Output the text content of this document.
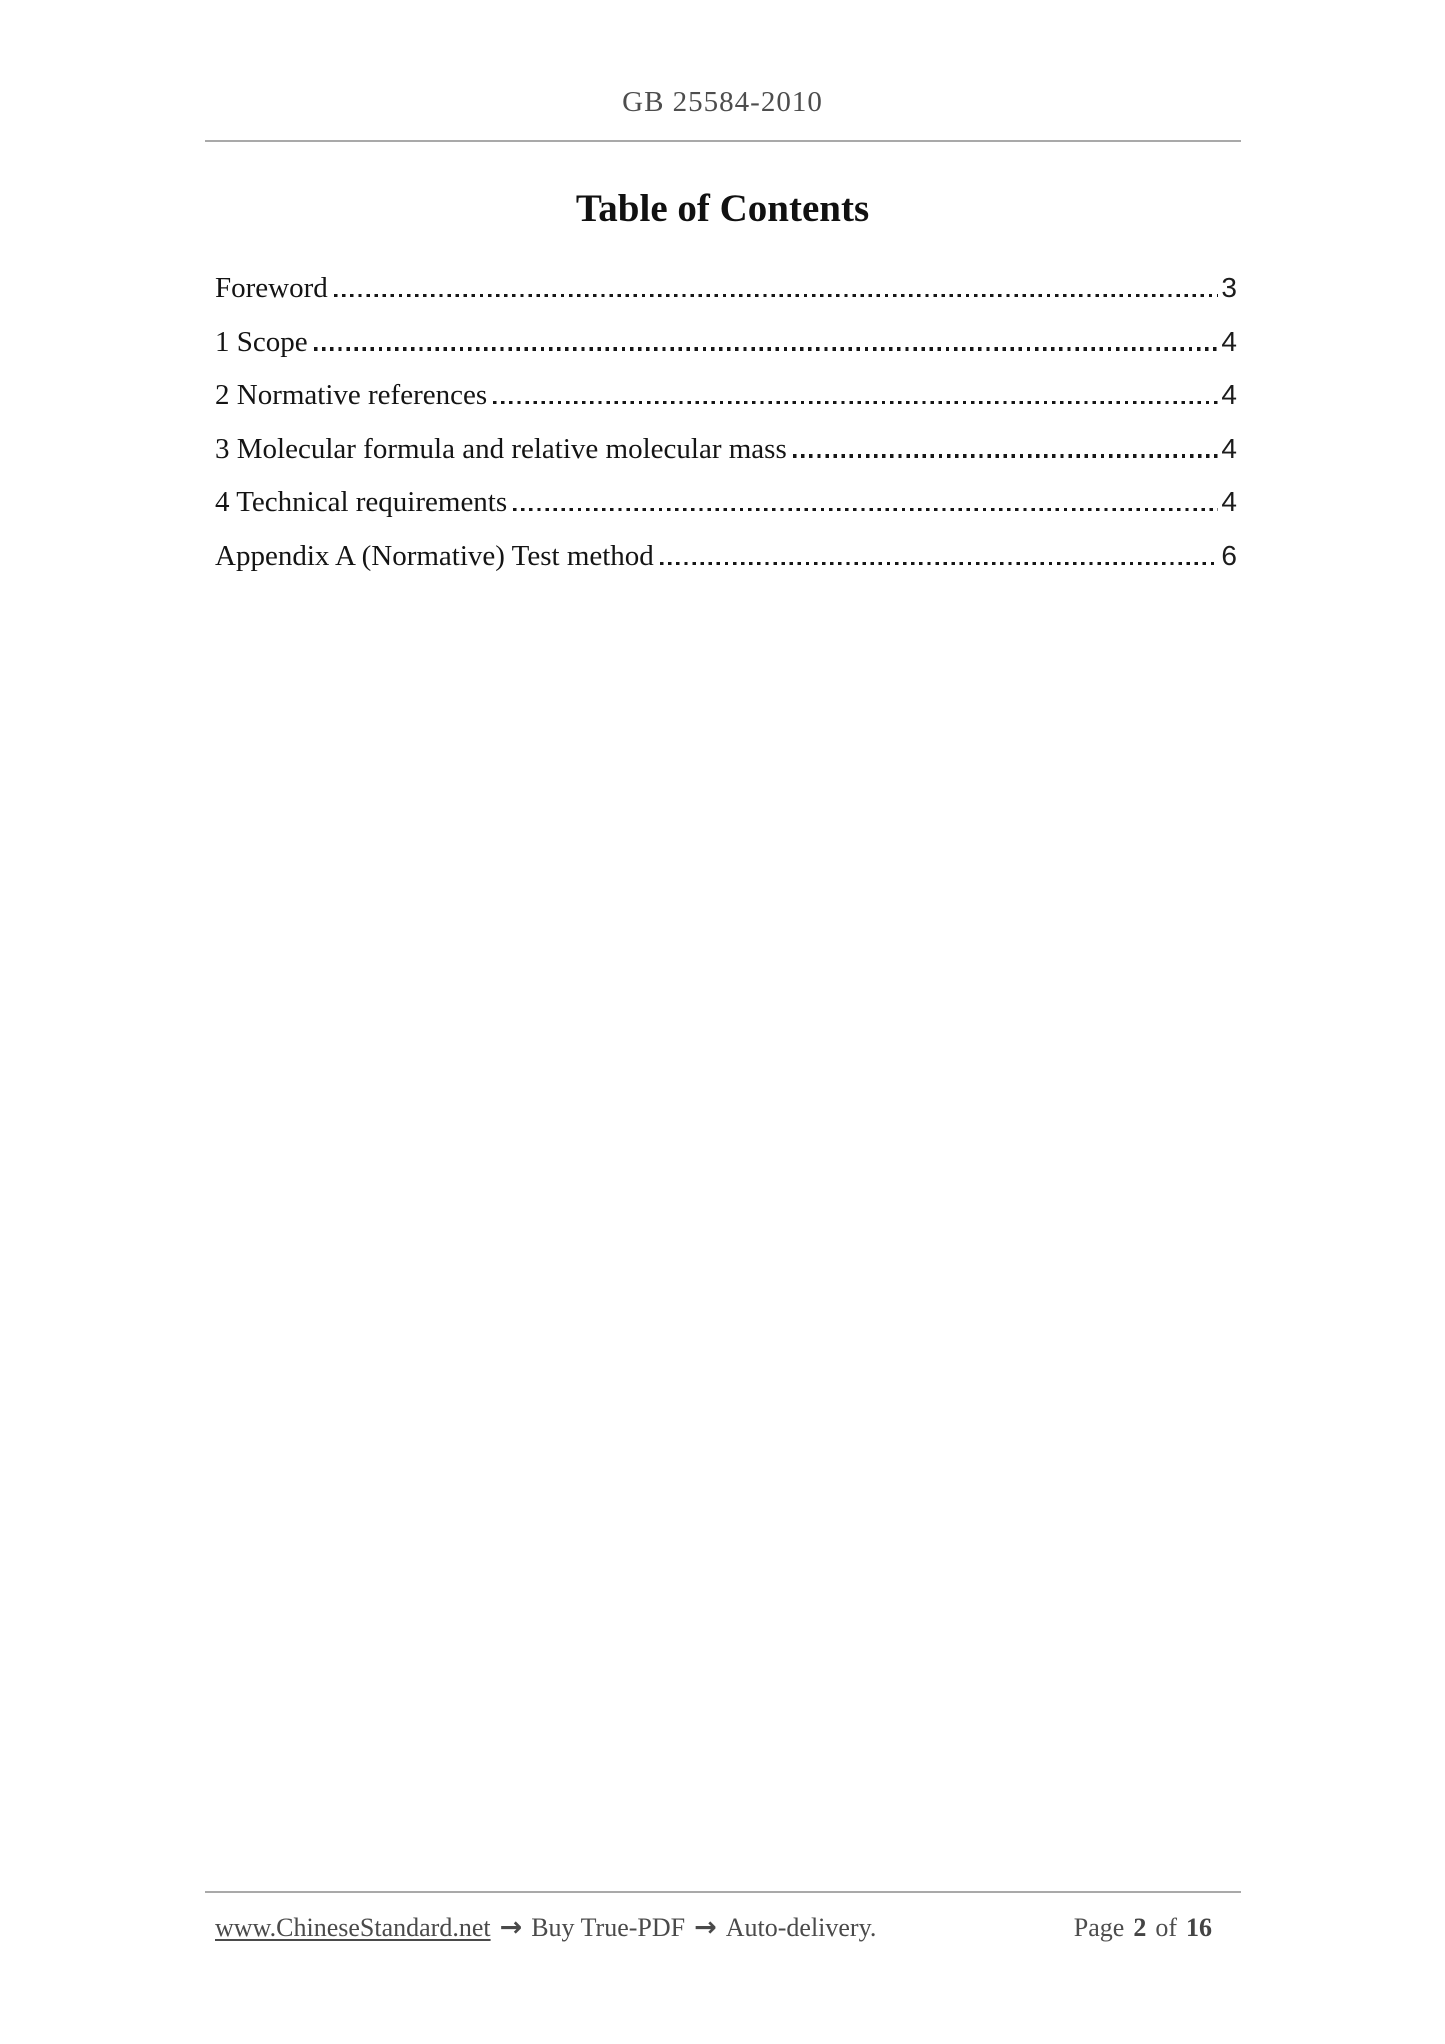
GB 25584-2010
Table of Contents
Foreword	3
1 Scope	4
2 Normative references	4
3 Molecular formula and relative molecular mass	4
4 Technical requirements	4
Appendix A (Normative) Test method	6
www.ChineseStandard.net → Buy True-PDF → Auto-delivery.	Page 2 of 16
